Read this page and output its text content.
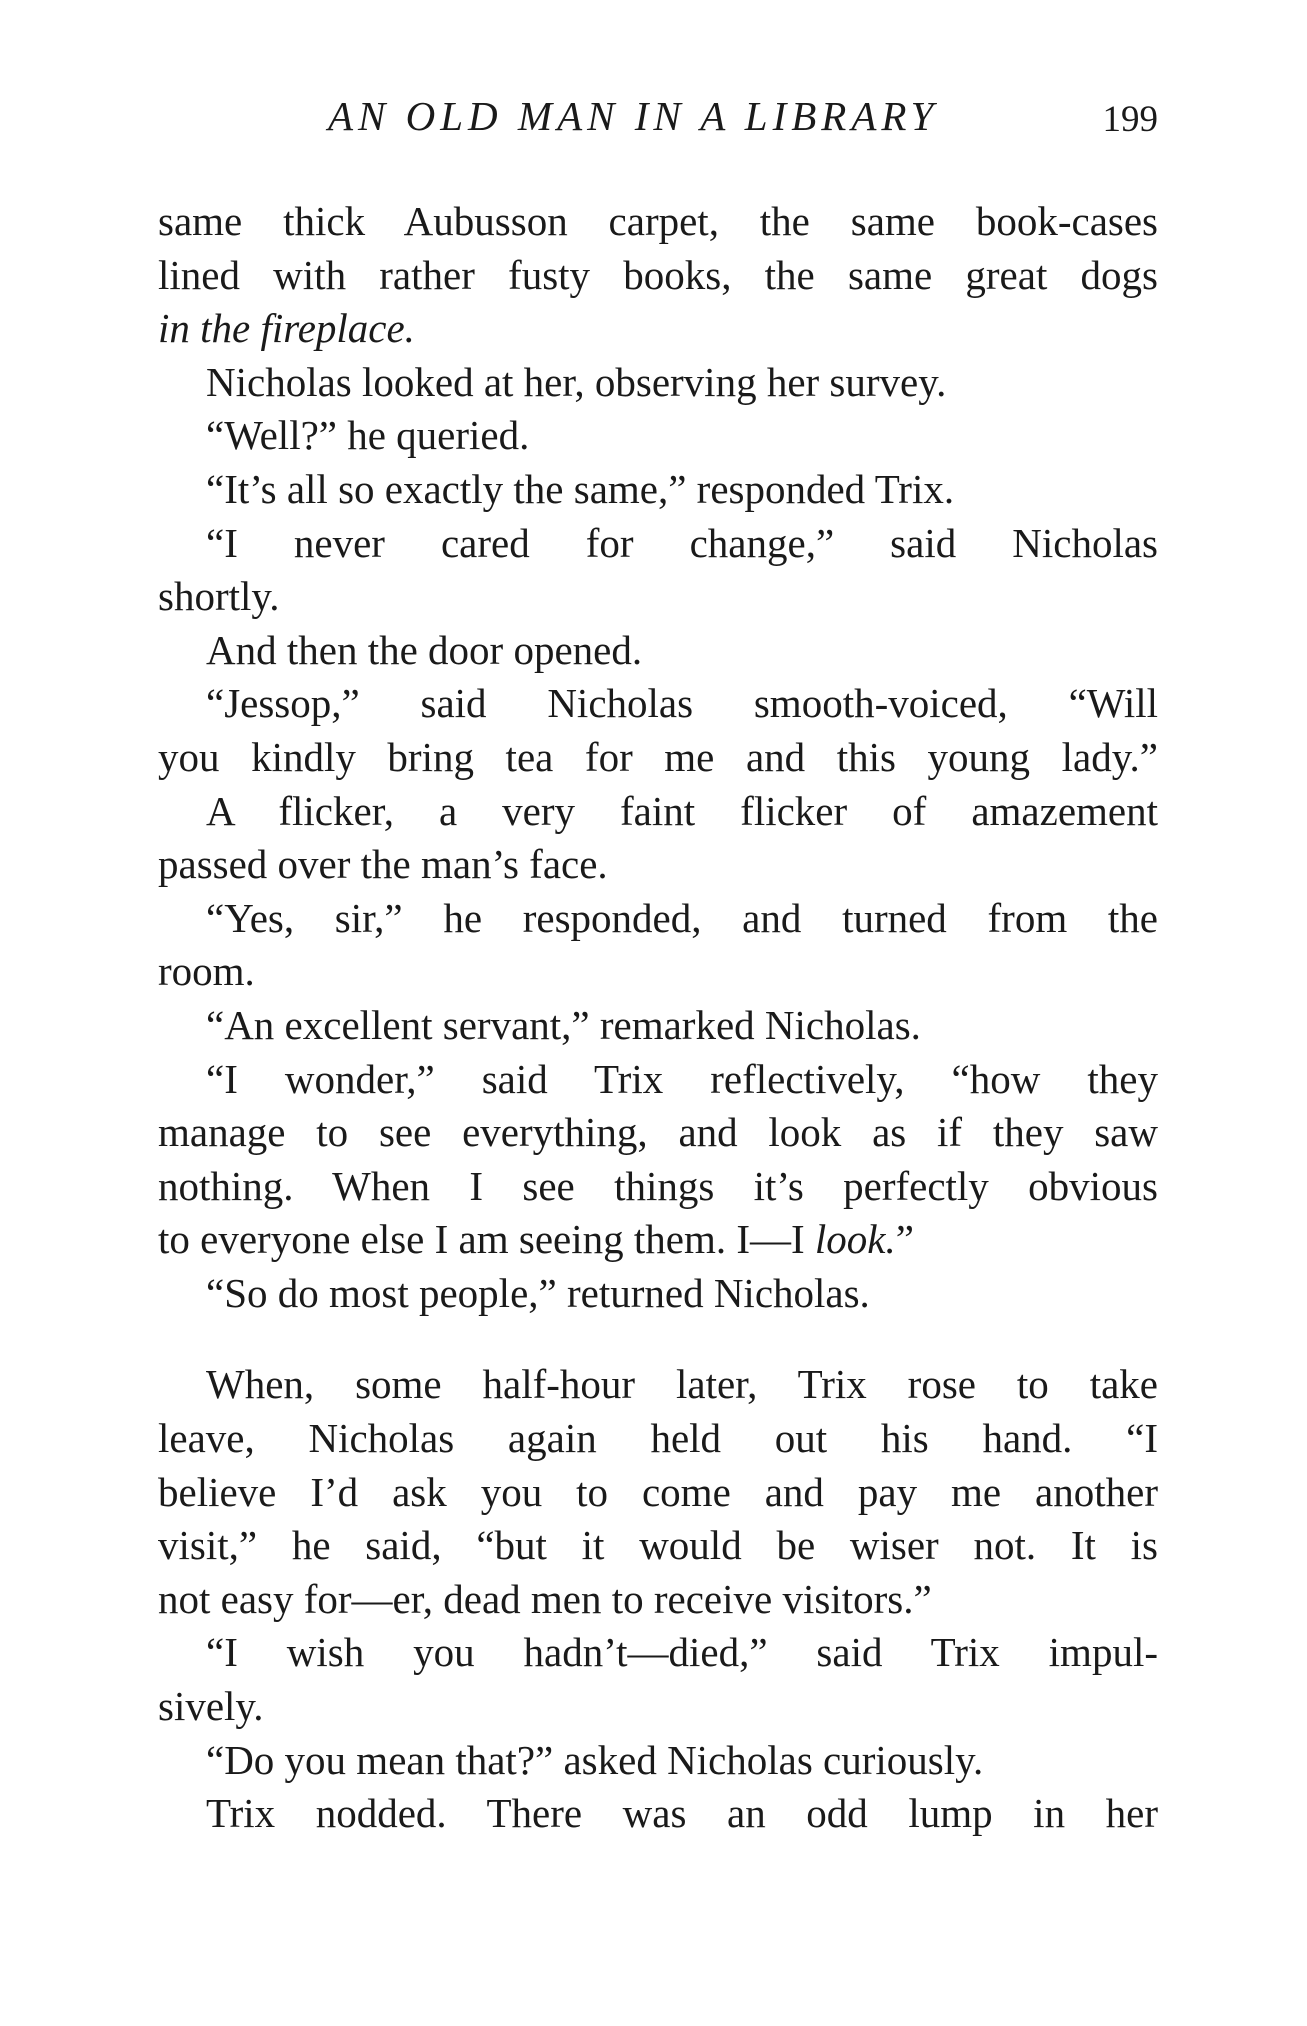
AN OLD MAN IN A LIBRARY	199
same thick Aubusson carpet, the same book-cases
lined with rather fusty books, the same great dogs
in the fireplace.
Nicholas looked at her, observing her survey.
“Well?” he queried.
“It’s all so exactly the same,” responded Trix.
“I never cared for change,” said Nicholas
shortly.
And then the door opened.
“Jessop,” said Nicholas smooth-voiced, “Will
you kindly bring tea for me and this young lady.”
A flicker, a very faint flicker of amazement
passed over the man’s face.
“Yes, sir,” he responded, and turned from the
room.
“An excellent servant,” remarked Nicholas.
“I wonder,” said Trix reflectively, “how they
manage to see everything, and look as if they saw
nothing. When I see things it’s perfectly obvious
to everyone else I am seeing them. I—I look.”
“So do most people,” returned Nicholas.
When, some half-hour later, Trix rose to take
leave, Nicholas again held out his hand. “I
believe I’d ask you to come and pay me another
visit,” he said, “but it would be wiser not. It is
not easy for—er, dead men to receive visitors.”
“I wish you hadn’t—died,” said Trix impul-
sively.
“Do you mean that?” asked Nicholas curiously.
Trix nodded. There was an odd lump in her
